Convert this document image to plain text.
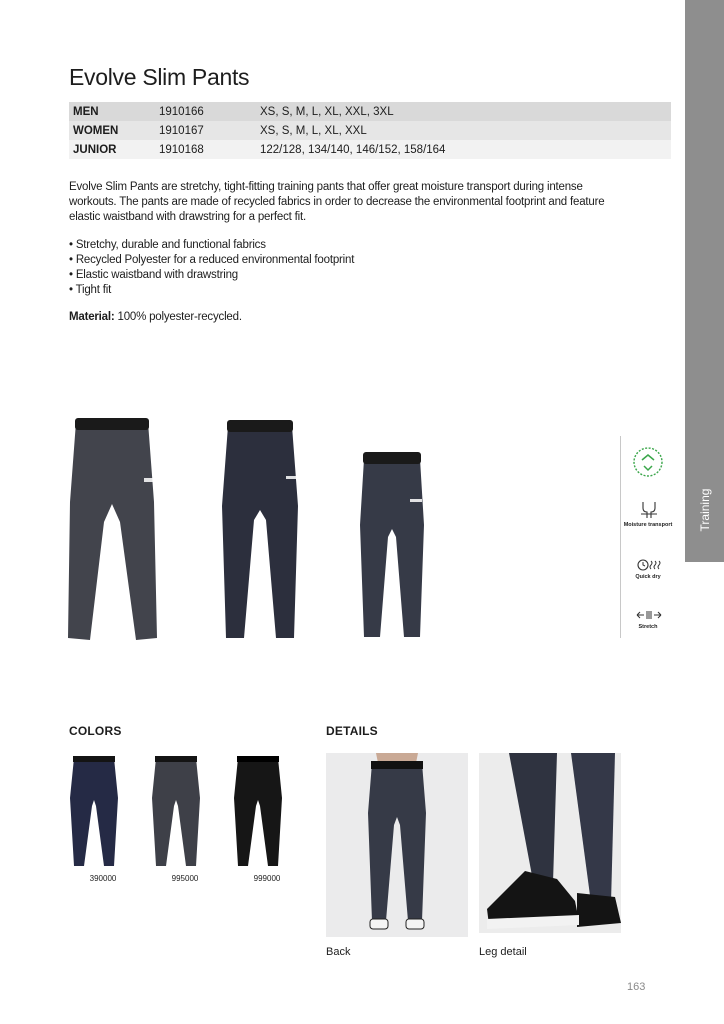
Training
Evolve Slim Pants
MEN	1910166	XS, S, M, L, XL, XXL, 3XL
WOMEN	1910167	XS, S, M, L, XL, XXL
JUNIOR	1910168	122/128, 134/140, 146/152, 158/164
Evolve Slim Pants are stretchy, tight-fitting training pants that offer great moisture transport during intense workouts. The pants are made of recycled fabrics in order to decrease the environmental footprint and feature elastic waistband with drawstring for a perfect fit.
• Stretchy, durable and functional fabrics
• Recycled Polyester for a reduced environmental footprint
• Elastic waistband with drawstring
• Tight fit
Material: 100% polyester-recycled.
Moisture transport
Quick dry
Stretch
COLORS
390000	995000	999000
DETAILS
Back	Leg detail
163
